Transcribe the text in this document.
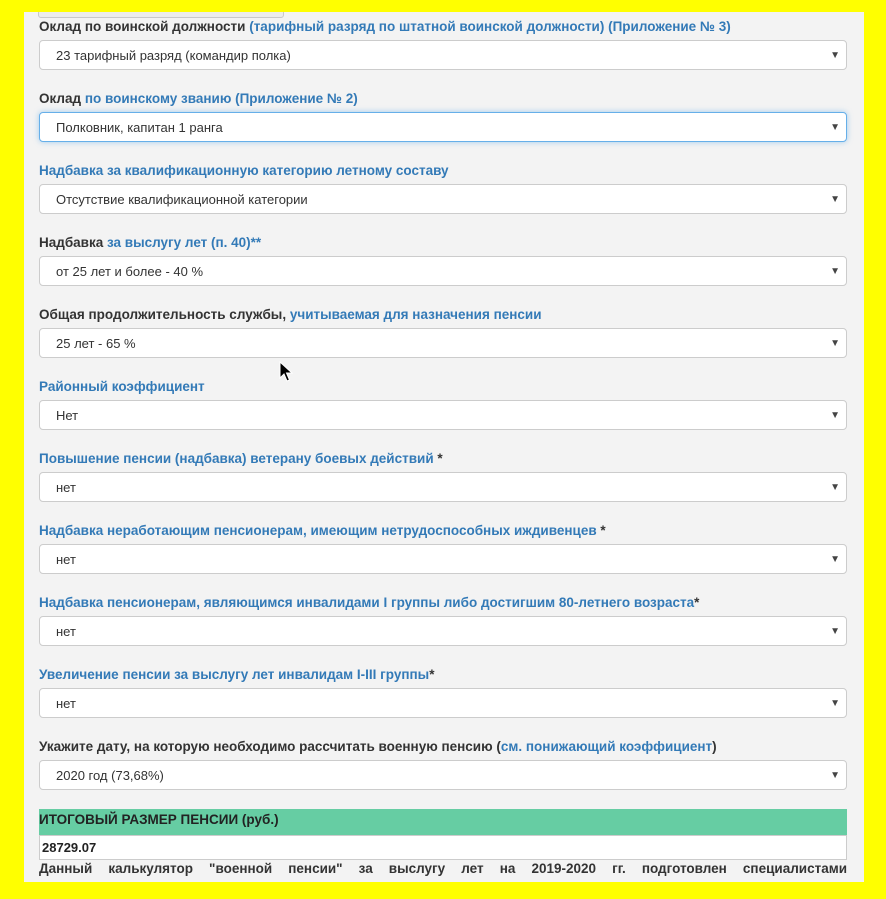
Оклад по воинской должности (тарифный разряд по штатной воинской должности) (Приложение № 3)
23 тарифный разряд (командир полка)	▼
Оклад по воинскому званию (Приложение № 2)
Полковник, капитан 1 ранга	▼
Надбавка за квалификационную категорию летному составу
Отсутствие квалификационной категории	▼
Надбавка за выслугу лет (п. 40)**
от 25 лет и более - 40 %	▼
Общая продолжительность службы, учитываемая для назначения пенсии
25 лет - 65 %	▼
Районный коэффициент
Нет	▼
Повышение пенсии (надбавка) ветерану боевых действий *
нет	▼
Надбавка неработающим пенсионерам, имеющим нетрудоспособных иждивенцев *
нет	▼
Надбавка пенсионерам, являющимся инвалидами I группы либо достигшим 80-летнего возраста*
нет	▼
Увеличение пенсии за выслугу лет инвалидам I-III группы*
нет	▼
Укажите дату, на которую необходимо рассчитать военную пенсию (см. понижающий коэффициент)
2020 год (73,68%)	▼
ИТОГОВЫЙ РАЗМЕР ПЕНСИИ (руб.)
28729.07
Данный калькулятор "военной пенсии" за выслугу лет на 2019-2020 гг. подготовлен специалистами
